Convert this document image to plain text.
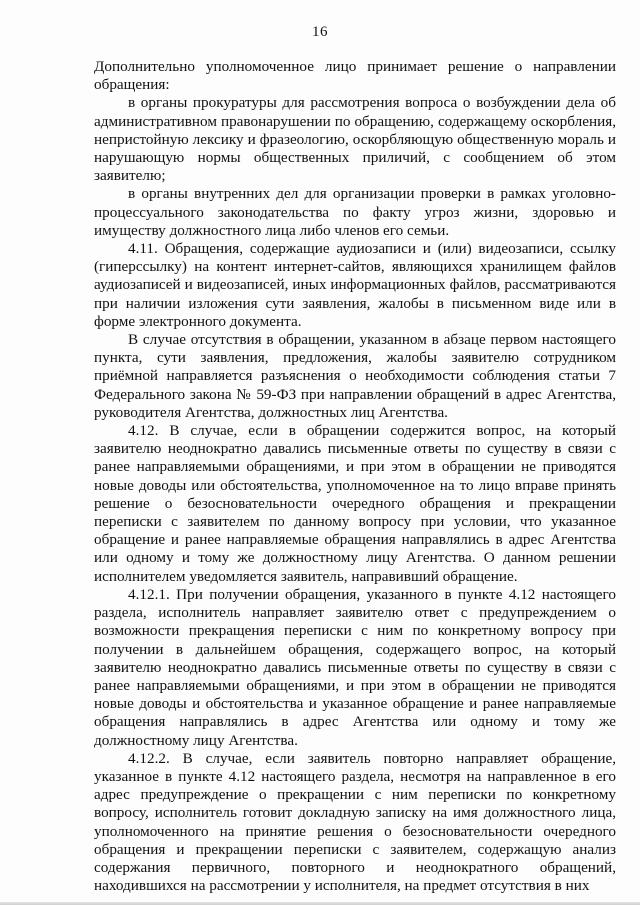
16

Дополнительно уполномоченное лицо принимает решение о направлении обращения:

в органы прокуратуры для рассмотрения вопроса о возбуждении дела об административном правонарушении по обращению, содержащему оскорбления, непристойную лексику и фразеологию, оскорбляющую общественную мораль и нарушающую нормы общественных приличий, с сообщением об этом заявителю;

в органы внутренних дел для организации проверки в рамках уголовно-процессуального законодательства по факту угроз жизни, здоровью и имуществу должностного лица либо членов его семьи.

4.11. Обращения, содержащие аудиозаписи и (или) видеозаписи, ссылку (гиперссылку) на контент интернет-сайтов, являющихся хранилищем файлов аудиозаписей и видеозаписей, иных информационных файлов, рассматриваются при наличии изложения сути заявления, жалобы в письменном виде или в форме электронного документа.

В случае отсутствия в обращении, указанном в абзаце первом настоящего пункта, сути заявления, предложения, жалобы заявителю сотрудником приёмной направляется разъяснения о необходимости соблюдения статьи 7 Федерального закона № 59-ФЗ при направлении обращений в адрес Агентства, руководителя Агентства, должностных лиц Агентства.

4.12. В случае, если в обращении содержится вопрос, на который заявителю неоднократно давались письменные ответы по существу в связи с ранее направляемыми обращениями, и при этом в обращении не приводятся новые доводы или обстоятельства, уполномоченное на то лицо вправе принять решение о безосновательности очередного обращения и прекращении переписки с заявителем по данному вопросу при условии, что указанное обращение и ранее направляемые обращения направлялись в адрес Агентства или одному и тому же должностному лицу Агентства. О данном решении исполнителем уведомляется заявитель, направивший обращение.

4.12.1. При получении обращения, указанного в пункте 4.12 настоящего раздела, исполнитель направляет заявителю ответ с предупреждением о возможности прекращения переписки с ним по конкретному вопросу при получении в дальнейшем обращения, содержащего вопрос, на который заявителю неоднократно давались письменные ответы по существу в связи с ранее направляемыми обращениями, и при этом в обращении не приводятся новые доводы и обстоятельства и указанное обращение и ранее направляемые обращения направлялись в адрес Агентства или одному и тому же должностному лицу Агентства.

4.12.2. В случае, если заявитель повторно направляет обращение, указанное в пункте 4.12 настоящего раздела, несмотря на направленное в его адрес предупреждение о прекращении с ним переписки по конкретному вопросу, исполнитель готовит докладную записку на имя должностного лица, уполномоченного на принятие решения о безосновательности очередного обращения и прекращении переписки с заявителем, содержащую анализ содержания первичного, повторного и неоднократного обращений, находившихся на рассмотрении у исполнителя, на предмет отсутствия в них
